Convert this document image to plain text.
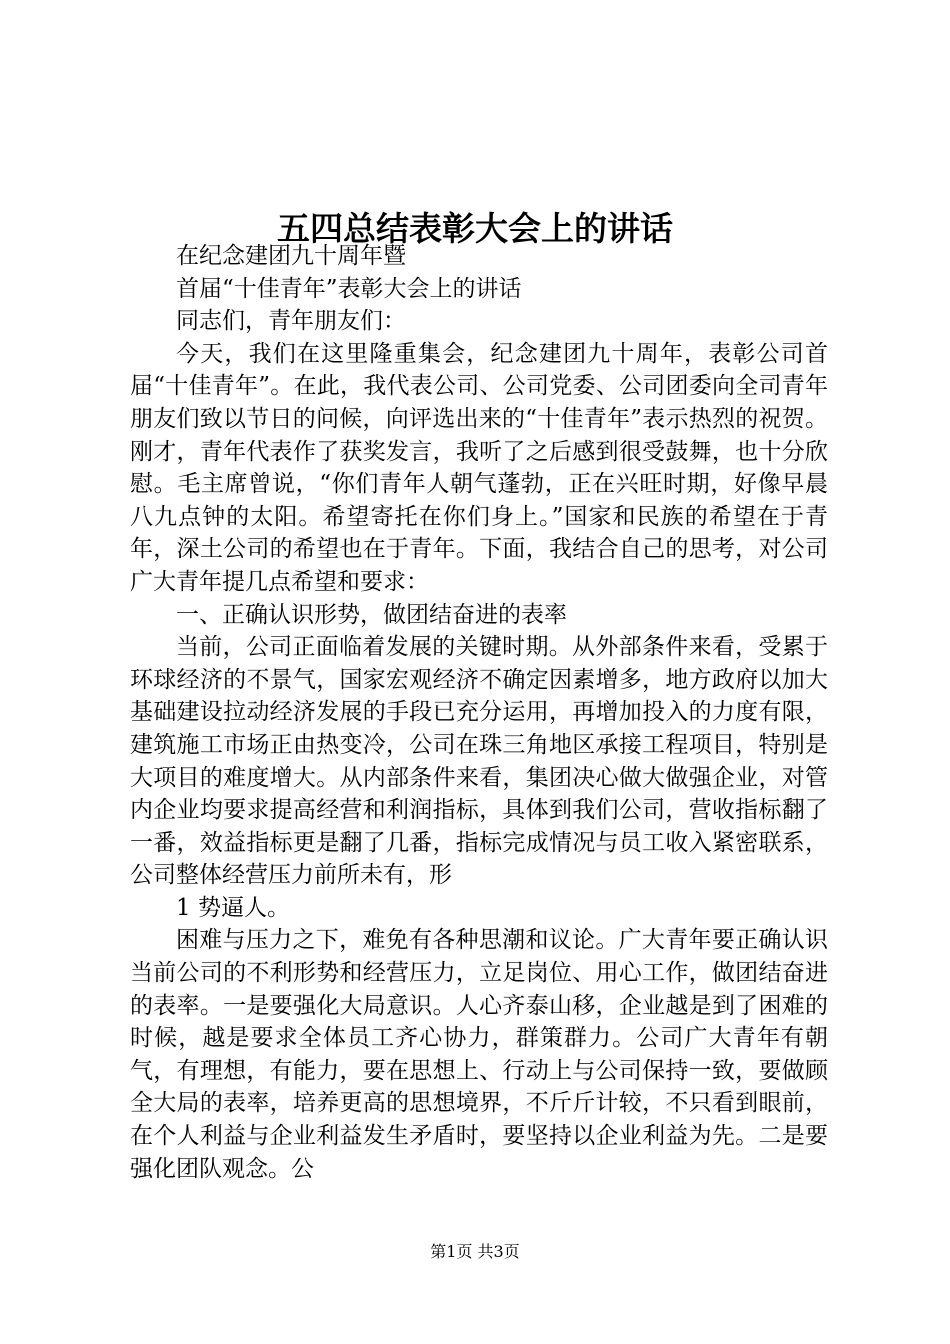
五四总结表彰大会上的讲话

在纪念建团九十周年暨

首届“十佳青年”表彰大会上的讲话

同志们，青年朋友们：

今天，我们在这里隆重集会，纪念建团九十周年，表彰公司首届“十佳青年”。在此，我代表公司、公司党委、公司团委向全司青年朋友们致以节日的问候，向评选出来的“十佳青年”表示热烈的祝贺。刚才，青年代表作了获奖发言，我听了之后感到很受鼓舞，也十分欣慰。毛主席曾说，“你们青年人朝气蓬勃，正在兴旺时期，好像早晨八九点钟的太阳。希望寄托在你们身上。”国家和民族的希望在于青年，深土公司的希望也在于青年。下面，我结合自己的思考，对公司广大青年提几点希望和要求：

一、正确认识形势，做团结奋进的表率

当前，公司正面临着发展的关键时期。从外部条件来看，受累于环球经济的不景气，国家宏观经济不确定因素增多，地方政府以加大基础建设拉动经济发展的手段已充分运用，再增加投入的力度有限，建筑施工市场正由热变冷，公司在珠三角地区承接工程项目，特别是大项目的难度增大。从内部条件来看，集团决心做大做强企业，对管内企业均要求提高经营和利润指标，具体到我们公司，营收指标翻了一番，效益指标更是翻了几番，指标完成情况与员工收入紧密联系，公司整体经营压力前所未有，形

1 势逼人。

困难与压力之下，难免有各种思潮和议论。广大青年要正确认识当前公司的不利形势和经营压力，立足岗位、用心工作，做团结奋进的表率。一是要强化大局意识。人心齐泰山移，企业越是到了困难的时候，越是要求全体员工齐心协力，群策群力。公司广大青年有朝气，有理想，有能力，要在思想上、行动上与公司保持一致，要做顾全大局的表率，培养更高的思想境界，不斤斤计较，不只看到眼前，在个人利益与企业利益发生矛盾时，要坚持以企业利益为先。二是要强化团队观念。公

第1页 共3页
